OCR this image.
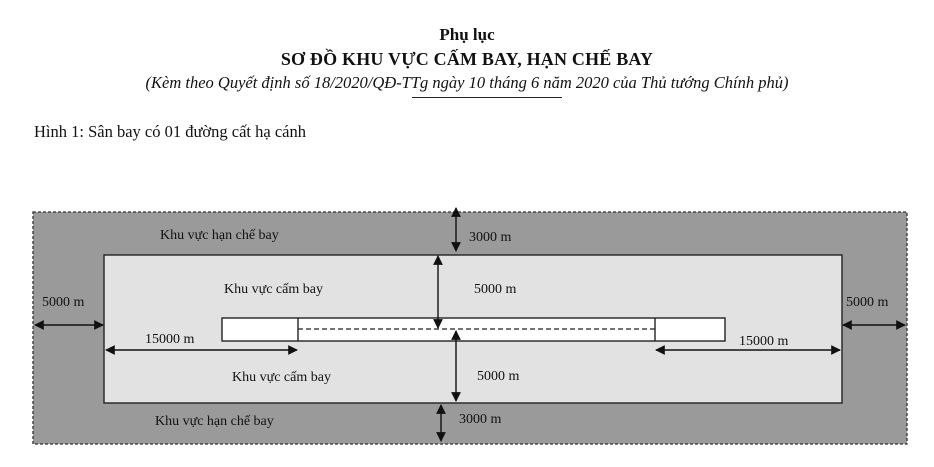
Phụ lục
SƠ ĐỒ KHU VỰC CẤM BAY, HẠN CHẾ BAY
(Kèm theo Quyết định số 18/2020/QĐ-TTg ngày 10 tháng 6 năm 2020 của Thủ tướng Chính phủ)
Hình 1: Sân bay có 01 đường cất hạ cánh
Khu vực hạn chế bay
Khu vực hạn chế bay
Khu vực cấm bay
Khu vực cấm bay
3000 m
5000 m
5000 m
3000 m
5000 m	5000 m
15000 m	15000 m
